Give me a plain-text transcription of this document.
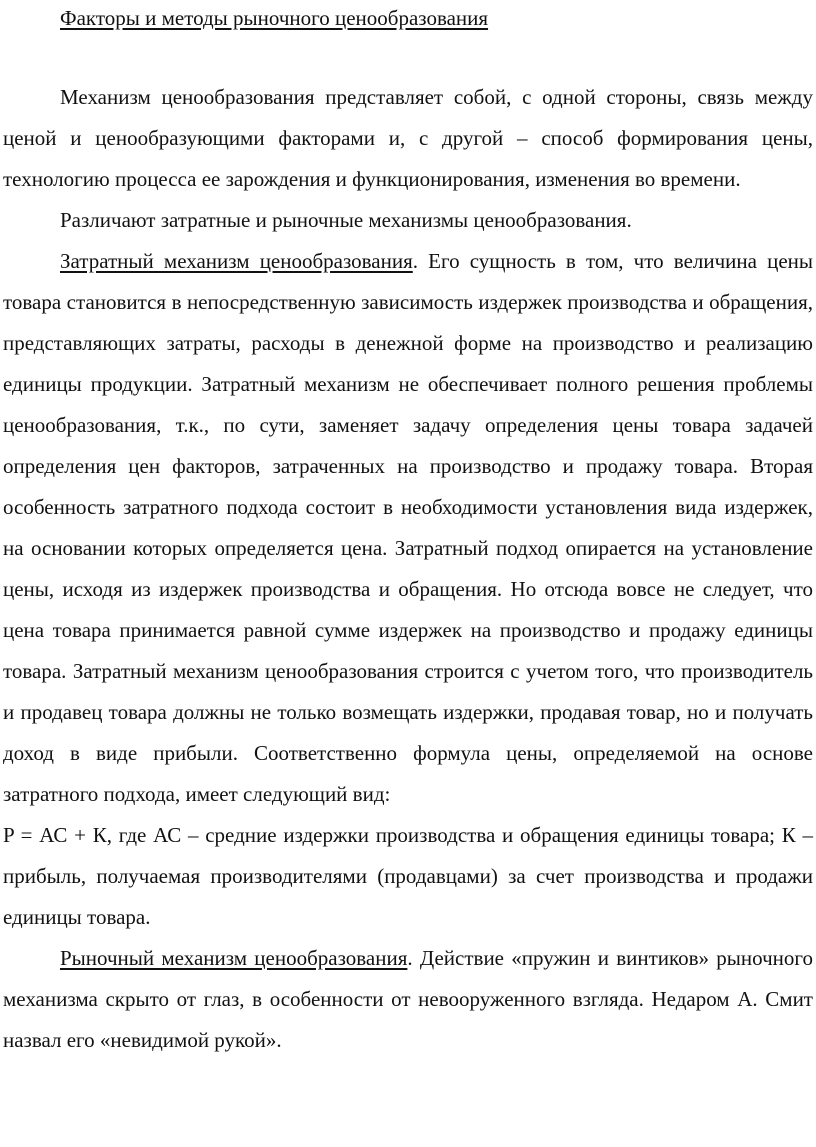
Факторы и методы рыночного ценообразования

Механизм ценообразования представляет собой, с одной стороны, связь между ценой и ценообразующими факторами и, с другой – способ формирования цены, технологию процесса ее зарождения и функционирования, изменения во времени.

Различают затратные и рыночные механизмы ценообразования.

Затратный механизм ценообразования. Его сущность в том, что величина цены товара становится в непосредственную зависимость издержек производства и обращения, представляющих затраты, расходы в денежной форме на производство и реализацию единицы продукции. Затратный механизм не обеспечивает полного решения проблемы ценообразования, т.к., по сути, заменяет задачу определения цены товара задачей определения цен факторов, затраченных на производство и продажу товара. Вторая особенность затратного подхода состоит в необходимости установления вида издержек, на основании которых определяется цена. Затратный подход опирается на установление цены, исходя из издержек производства и обращения. Но отсюда вовсе не следует, что цена товара принимается равной сумме издержек на производство и продажу единицы товара. Затратный механизм ценообразования строится с учетом того, что производитель и продавец товара должны не только возмещать издержки, продавая товар, но и получать доход в виде прибыли. Соответственно формула цены, определяемой на основе затратного подхода, имеет следующий вид:

P = АС + К, где АС – средние издержки производства и обращения единицы товара; К – прибыль, получаемая производителями (продавцами) за счет производства и продажи единицы товара.

Рыночный механизм ценообразования. Действие «пружин и винтиков» рыночного механизма скрыто от глаз, в особенности от невооруженного взгляда. Недаром А. Смит назвал его «невидимой рукой».
